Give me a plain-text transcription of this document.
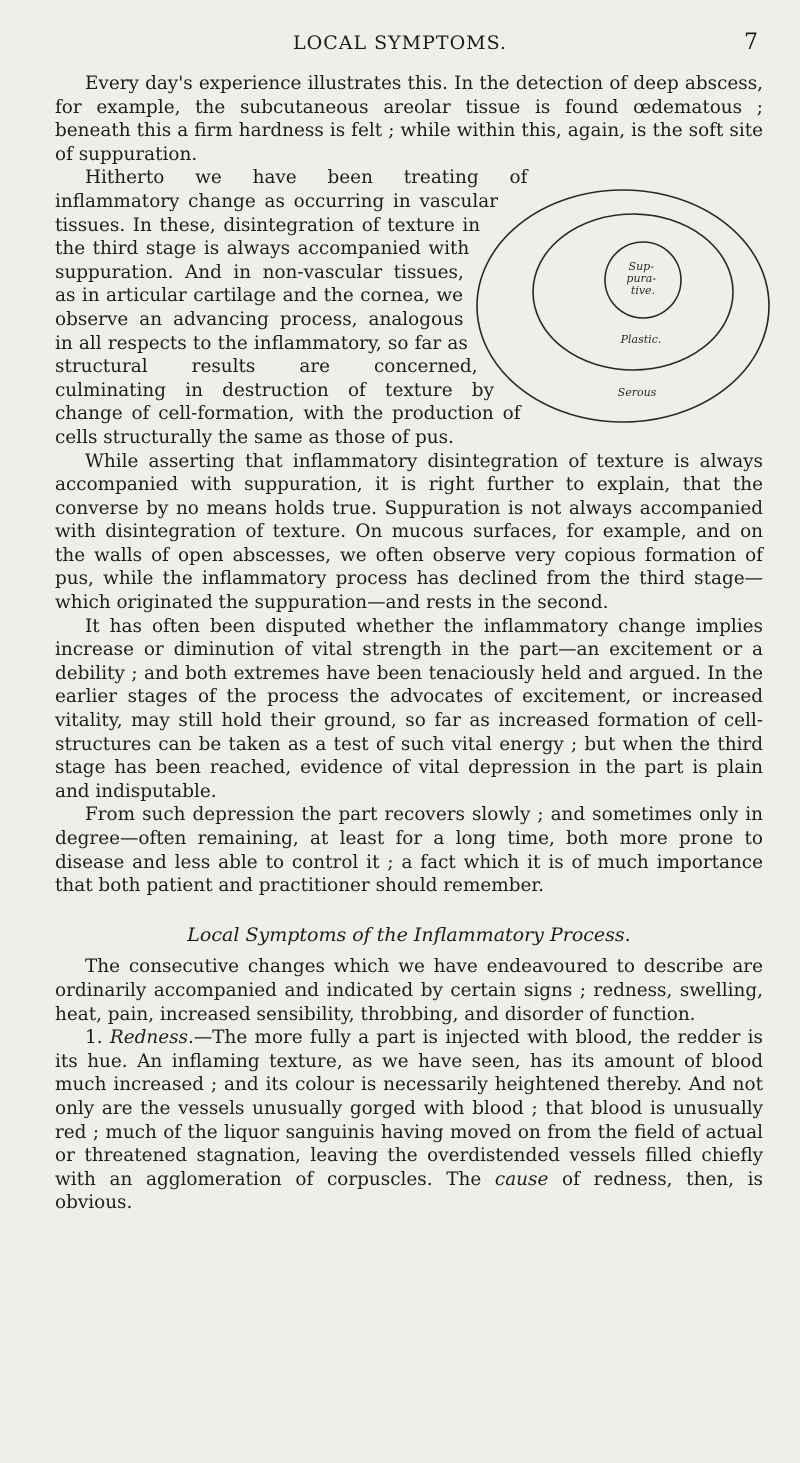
LOCAL SYMPTOMS.	7

Every day's experience illustrates this. In the detection of deep abscess, for example, the subcutaneous areolar tissue is found œdematous ; beneath this a firm hardness is felt ; while within this, again, is the soft site of suppuration.

Sup- pura- tive.
Plastic.
Serous

Hitherto we have been treating of inflammatory change as occurring in vascular tissues. In these, disintegration of texture in the third stage is always accompanied with suppuration. And in non-vascular tissues, as in articular cartilage and the cornea, we observe an advancing process, analogous in all respects to the inflammatory, so far as structural results are concerned, culminating in destruction of texture by change of cell-formation, with the production of cells structurally the same as those of pus.

While asserting that inflammatory disintegration of texture is always accompanied with suppuration, it is right further to explain, that the converse by no means holds true. Suppuration is not always accompanied with disintegration of texture. On mucous surfaces, for example, and on the walls of open abscesses, we often observe very copious formation of pus, while the inflammatory process has declined from the third stage—which originated the suppuration—and rests in the second.

It has often been disputed whether the inflammatory change implies increase or diminution of vital strength in the part—an excitement or a debility ; and both extremes have been tenaciously held and argued. In the earlier stages of the process the advocates of excitement, or increased vitality, may still hold their ground, so far as increased formation of cell-structures can be taken as a test of such vital energy ; but when the third stage has been reached, evidence of vital depression in the part is plain and indisputable.

From such depression the part recovers slowly ; and sometimes only in degree—often remaining, at least for a long time, both more prone to disease and less able to control it ; a fact which it is of much importance that both patient and practitioner should remember.

Local Symptoms of the Inflammatory Process.

The consecutive changes which we have endeavoured to describe are ordinarily accompanied and indicated by certain signs ; redness, swelling, heat, pain, increased sensibility, throbbing, and disorder of function.

1. Redness.—The more fully a part is injected with blood, the redder is its hue. An inflaming texture, as we have seen, has its amount of blood much increased ; and its colour is necessarily heightened thereby. And not only are the vessels unusually gorged with blood ; that blood is unusually red ; much of the liquor sanguinis having moved on from the field of actual or threatened stagnation, leaving the overdistended vessels filled chiefly with an agglomeration of corpuscles. The cause of redness, then, is obvious.
